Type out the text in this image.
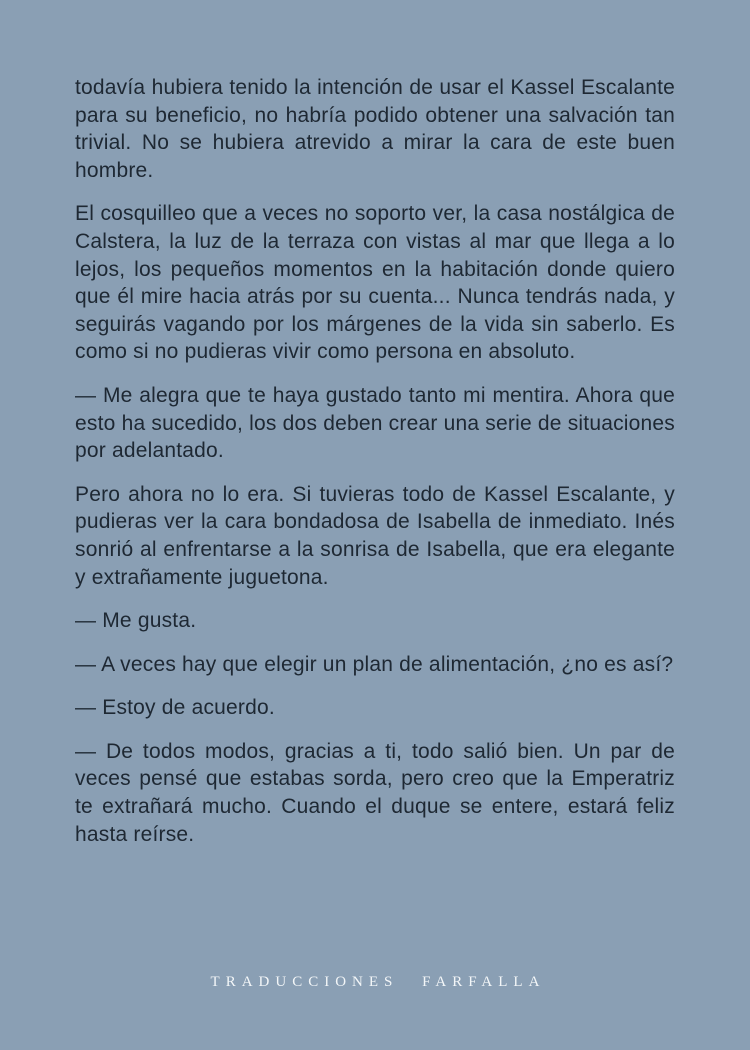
todavía hubiera tenido la intención de usar el Kassel Escalante para su beneficio, no habría podido obtener una salvación tan trivial. No se hubiera atrevido a mirar la cara de este buen hombre.

El cosquilleo que a veces no soporto ver, la casa nostálgica de Calstera, la luz de la terraza con vistas al mar que llega a lo lejos, los pequeños momentos en la habitación donde quiero que él mire hacia atrás por su cuenta... Nunca tendrás nada, y seguirás vagando por los márgenes de la vida sin saberlo. Es como si no pudieras vivir como persona en absoluto.

— Me alegra que te haya gustado tanto mi mentira. Ahora que esto ha sucedido, los dos deben crear una serie de situaciones por adelantado.

Pero ahora no lo era. Si tuvieras todo de Kassel Escalante, y pudieras ver la cara bondadosa de Isabella de inmediato. Inés sonrió al enfrentarse a la sonrisa de Isabella, que era elegante y extrañamente juguetona.

— Me gusta.

— A veces hay que elegir un plan de alimentación, ¿no es así?

— Estoy de acuerdo.

— De todos modos, gracias a ti, todo salió bien. Un par de veces pensé que estabas sorda, pero creo que la Emperatriz te extrañará mucho. Cuando el duque se entere, estará feliz hasta reírse.

TRADUCCIONES FARFALLA
